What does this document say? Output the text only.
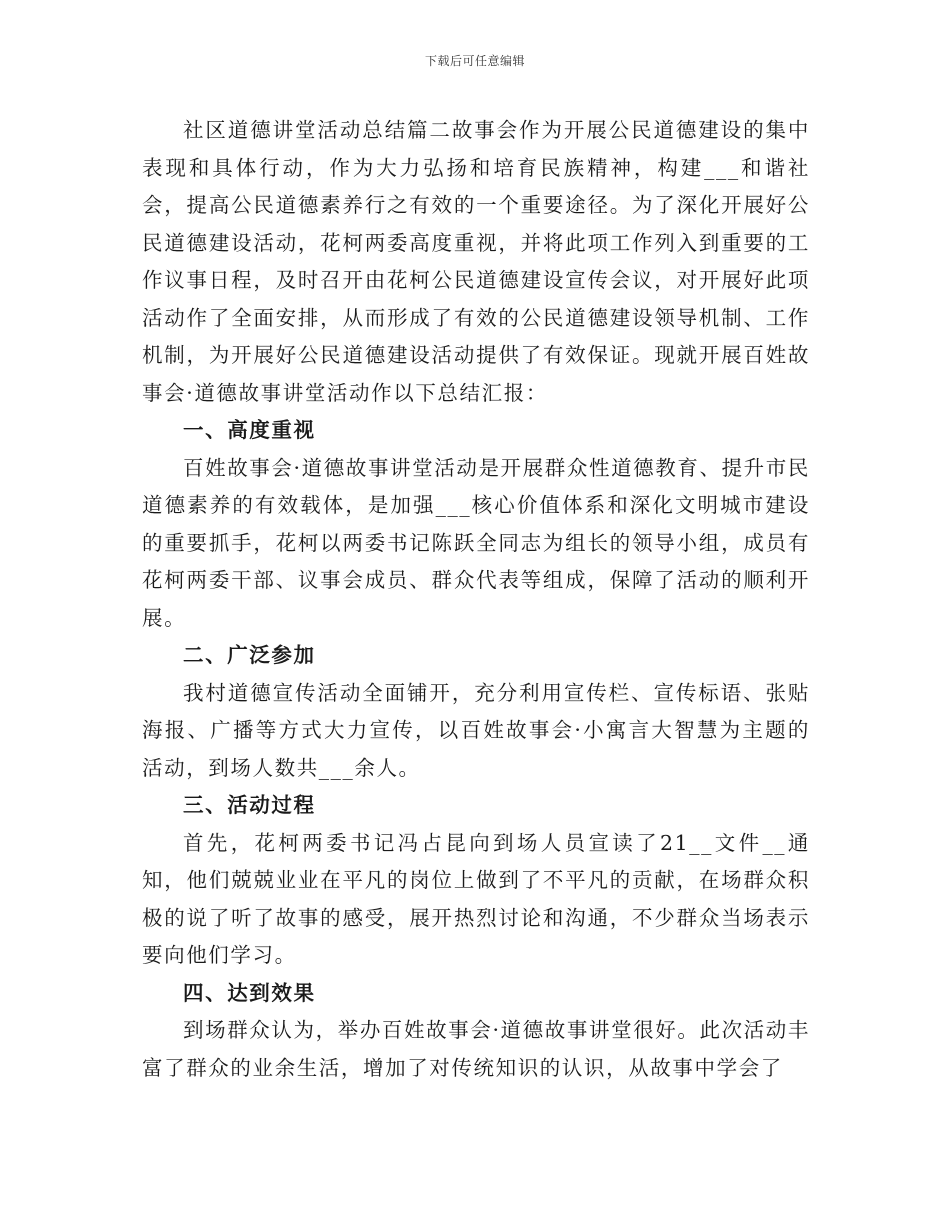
下载后可任意编辑

社区道德讲堂活动总结篇二故事会作为开展公民道德建设的集中表现和具体行动，作为大力弘扬和培育民族精神，构建___和谐社会，提高公民道德素养行之有效的一个重要途径。为了深化开展好公民道德建设活动，花柯两委高度重视，并将此项工作列入到重要的工作议事日程，及时召开由花柯公民道德建设宣传会议，对开展好此项活动作了全面安排，从而形成了有效的公民道德建设领导机制、工作机制，为开展好公民道德建设活动提供了有效保证。现就开展百姓故事会·道德故事讲堂活动作以下总结汇报：

一、高度重视

百姓故事会·道德故事讲堂活动是开展群众性道德教育、提升市民道德素养的有效载体，是加强___核心价值体系和深化文明城市建设的重要抓手，花柯以两委书记陈跃全同志为组长的领导小组，成员有花柯两委干部、议事会成员、群众代表等组成，保障了活动的顺利开展。

二、广泛参加

我村道德宣传活动全面铺开，充分利用宣传栏、宣传标语、张贴海报、广播等方式大力宣传，以百姓故事会·小寓言大智慧为主题的活动，到场人数共___余人。

三、活动过程

首先，花柯两委书记冯占昆向到场人员宣读了21__文件__通知，他们兢兢业业在平凡的岗位上做到了不平凡的贡献，在场群众积极的说了听了故事的感受，展开热烈讨论和沟通，不少群众当场表示要向他们学习。

四、达到效果

到场群众认为，举办百姓故事会·道德故事讲堂很好。此次活动丰富了群众的业余生活，增加了对传统知识的认识，从故事中学会了
